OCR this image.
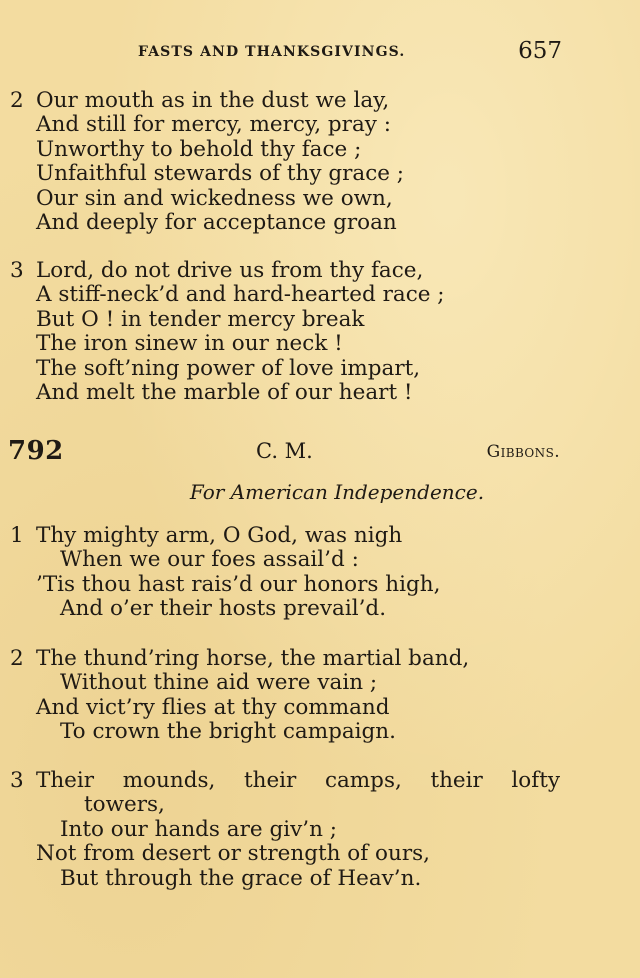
FASTS AND THANKSGIVINGS.	657
2 Our mouth as in the dust we lay,
And still for mercy, mercy, pray :
Unworthy to behold thy face ;
Unfaithful stewards of thy grace ;
Our sin and wickedness we own,
And deeply for acceptance groan
3 Lord, do not drive us from thy face,
A stiff-neck’d and hard-hearted race ;
But O ! in tender mercy break
The iron sinew in our neck !
The soft’ning power of love impart,
And melt the marble of our heart !
792	C. M.	Gibbons.
For American Independence.
1 Thy mighty arm, O God, was nigh
When we our foes assail’d :
’Tis thou hast rais’d our honors high,
And o’er their hosts prevail’d.
2 The thund’ring horse, the martial band,
Without thine aid were vain ;
And vict’ry flies at thy command
To crown the bright campaign.
3 Their mounds, their camps, their lofty
towers,
Into our hands are giv’n ;
Not from desert or strength of ours,
But through the grace of Heav’n.
